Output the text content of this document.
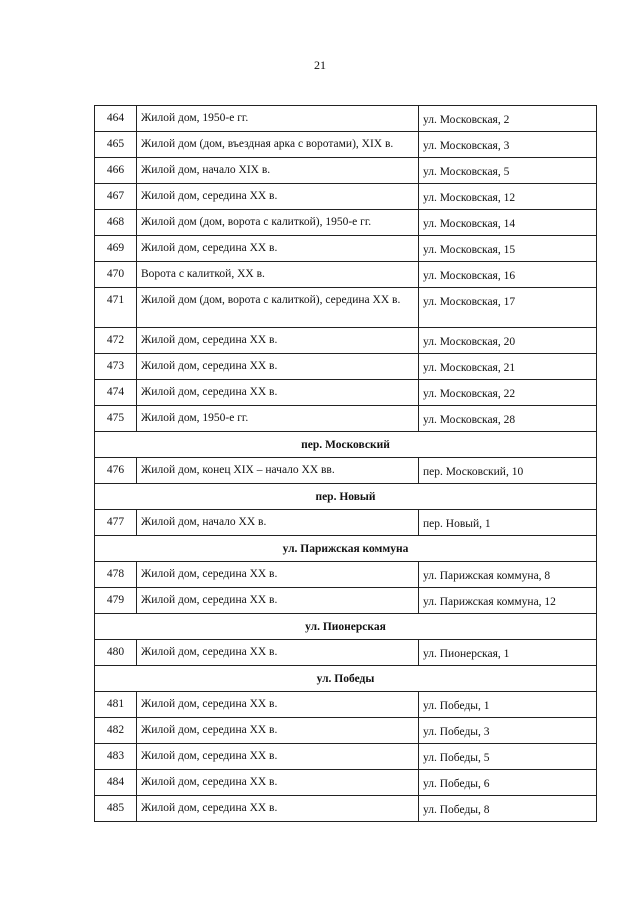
21
464	Жилой дом, 1950-е гг.	ул. Московская, 2
465	Жилой дом (дом, въездная арка с воротами), XIX в.	ул. Московская, 3
466	Жилой дом, начало XIX в.	ул. Московская, 5
467	Жилой дом, середина XX в.	ул. Московская, 12
468	Жилой дом (дом, ворота с калиткой), 1950-е гг.	ул. Московская, 14
469	Жилой дом, середина XX в.	ул. Московская, 15
470	Ворота с калиткой, XX в.	ул. Московская, 16
471	Жилой дом (дом, ворота с калиткой), середина XX в.	ул. Московская, 17
472	Жилой дом, середина XX в.	ул. Московская, 20
473	Жилой дом, середина XX в.	ул. Московская, 21
474	Жилой дом, середина XX в.	ул. Московская, 22
475	Жилой дом, 1950-е гг.	ул. Московская, 28
пер. Московский		
476	Жилой дом, конец XIX – начало XX вв.	пер. Московский, 10
пер. Новый		
477	Жилой дом, начало XX в.	пер. Новый, 1
ул. Парижская коммуна		
478	Жилой дом, середина XX в.	ул. Парижская коммуна, 8
479	Жилой дом, середина XX в.	ул. Парижская коммуна, 12
ул. Пионерская		
480	Жилой дом, середина XX в.	ул. Пионерская, 1
ул. Победы		
481	Жилой дом, середина XX в.	ул. Победы, 1
482	Жилой дом, середина XX в.	ул. Победы, 3
483	Жилой дом, середина XX в.	ул. Победы, 5
484	Жилой дом, середина XX в.	ул. Победы, 6
485	Жилой дом, середина XX в.	ул. Победы, 8
